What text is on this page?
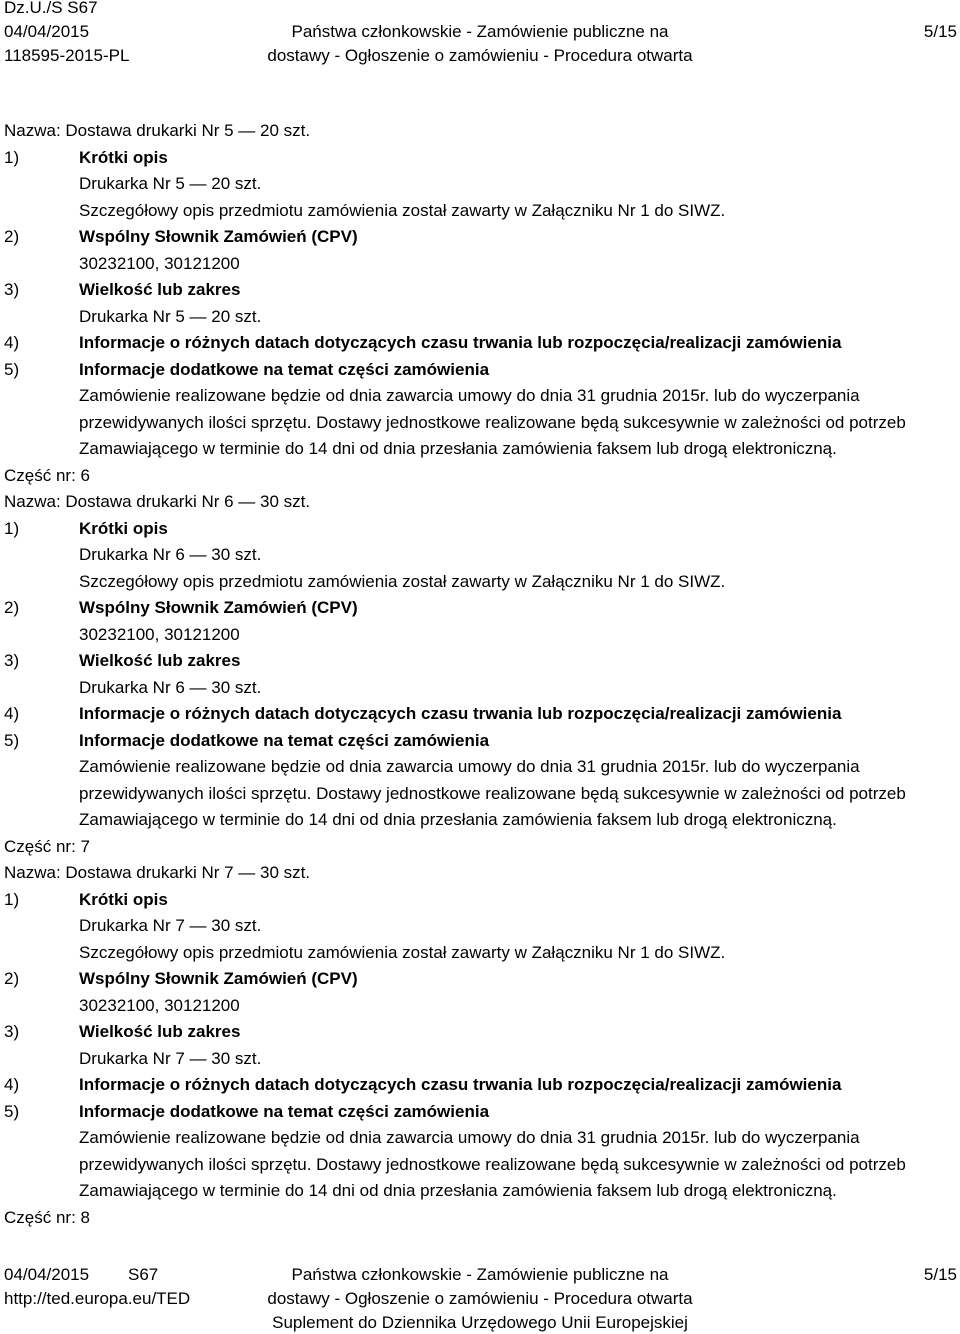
Dz.U./S S67
04/04/2015
118595-2015-PL
Państwa członkowskie - Zamówienie publiczne na
dostawy - Ogłoszenie o zamówieniu - Procedura otwarta
5/15
Nazwa: Dostawa drukarki Nr 5 — 20 szt.
1)	Krótki opis
Drukarka Nr 5 — 20 szt.
Szczegółowy opis przedmiotu zamówienia został zawarty w Załączniku Nr 1 do SIWZ.
2)	Wspólny Słownik Zamówień (CPV)
30232100, 30121200
3)	Wielkość lub zakres
Drukarka Nr 5 — 20 szt.
4)	Informacje o różnych datach dotyczących czasu trwania lub rozpoczęcia/realizacji zamówienia
5)	Informacje dodatkowe na temat części zamówienia
Zamówienie realizowane będzie od dnia zawarcia umowy do dnia 31 grudnia 2015r. lub do wyczerpania
przewidywanych ilości sprzętu. Dostawy jednostkowe realizowane będą sukcesywnie w zależności od potrzeb
Zamawiającego w terminie do 14 dni od dnia przesłania zamówienia faksem lub drogą elektroniczną.
Część nr: 6
Nazwa: Dostawa drukarki Nr 6 — 30 szt.
1)	Krótki opis
Drukarka Nr 6 — 30 szt.
Szczegółowy opis przedmiotu zamówienia został zawarty w Załączniku Nr 1 do SIWZ.
2)	Wspólny Słownik Zamówień (CPV)
30232100, 30121200
3)	Wielkość lub zakres
Drukarka Nr 6 — 30 szt.
4)	Informacje o różnych datach dotyczących czasu trwania lub rozpoczęcia/realizacji zamówienia
5)	Informacje dodatkowe na temat części zamówienia
Zamówienie realizowane będzie od dnia zawarcia umowy do dnia 31 grudnia 2015r. lub do wyczerpania
przewidywanych ilości sprzętu. Dostawy jednostkowe realizowane będą sukcesywnie w zależności od potrzeb
Zamawiającego w terminie do 14 dni od dnia przesłania zamówienia faksem lub drogą elektroniczną.
Część nr: 7
Nazwa: Dostawa drukarki Nr 7 — 30 szt.
1)	Krótki opis
Drukarka Nr 7 — 30 szt.
Szczegółowy opis przedmiotu zamówienia został zawarty w Załączniku Nr 1 do SIWZ.
2)	Wspólny Słownik Zamówień (CPV)
30232100, 30121200
3)	Wielkość lub zakres
Drukarka Nr 7 — 30 szt.
4)	Informacje o różnych datach dotyczących czasu trwania lub rozpoczęcia/realizacji zamówienia
5)	Informacje dodatkowe na temat części zamówienia
Zamówienie realizowane będzie od dnia zawarcia umowy do dnia 31 grudnia 2015r. lub do wyczerpania
przewidywanych ilości sprzętu. Dostawy jednostkowe realizowane będą sukcesywnie w zależności od potrzeb
Zamawiającego w terminie do 14 dni od dnia przesłania zamówienia faksem lub drogą elektroniczną.
Część nr: 8
04/04/2015 S67
http://ted.europa.eu/TED
Państwa członkowskie - Zamówienie publiczne na
dostawy - Ogłoszenie o zamówieniu - Procedura otwarta
Suplement do Dziennika Urzędowego Unii Europejskiej
5/15
